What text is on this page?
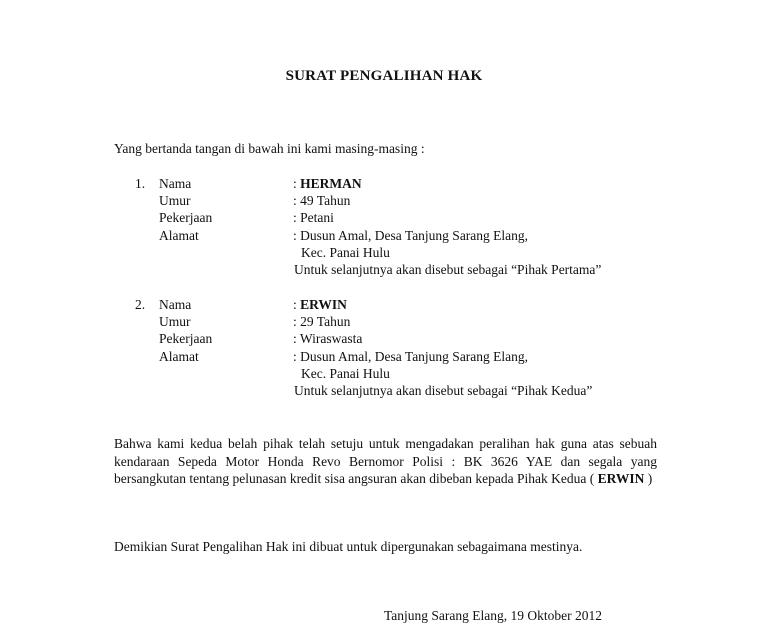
SURAT PENGALIHAN HAK
Yang bertanda tangan di bawah ini kami masing-masing :
1. Nama	: HERMAN
Umur	: 49 Tahun
Pekerjaan	: Petani
Alamat	: Dusun Amal, Desa Tanjung Sarang Elang,
Kec. Panai Hulu
Untuk selanjutnya akan disebut sebagai “Pihak Pertama”
2. Nama	: ERWIN
Umur	: 29 Tahun
Pekerjaan	: Wiraswasta
Alamat	: Dusun Amal, Desa Tanjung Sarang Elang,
Kec. Panai Hulu
Untuk selanjutnya akan disebut sebagai “Pihak Kedua”
Bahwa kami kedua belah pihak telah setuju untuk mengadakan peralihan hak guna atas sebuah kendaraan Sepeda Motor Honda Revo Bernomor Polisi : BK 3626 YAE dan segala yang bersangkutan tentang pelunasan kredit sisa angsuran akan dibeban kepada Pihak Kedua ( ERWIN )
Demikian Surat Pengalihan Hak ini dibuat untuk dipergunakan sebagaimana mestinya.
Tanjung Sarang Elang, 19 Oktober 2012
